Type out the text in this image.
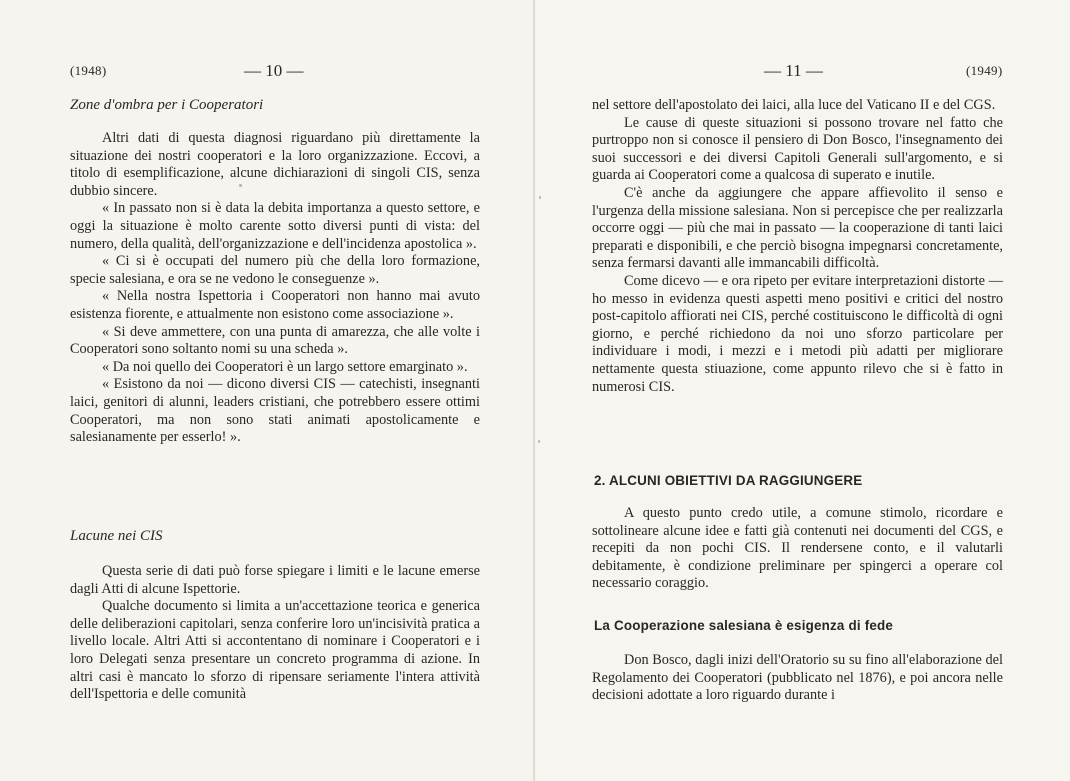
(1948)	— 10 —
Zone d'ombra per i Cooperatori

Altri dati di questa diagnosi riguardano più direttamente la situazione dei nostri cooperatori e la loro organizzazione. Eccovi, a titolo di esemplificazione, alcune dichiarazioni di singoli CIS, senza dubbio sincere.

« In passato non si è data la debita importanza a questo settore, e oggi la situazione è molto carente sotto diversi punti di vista: del numero, della qualità, dell'organizzazione e dell'incidenza apostolica ».

« Ci si è occupati del numero più che della loro formazione, specie salesiana, e ora se ne vedono le conseguenze ».

« Nella nostra Ispettoria i Cooperatori non hanno mai avuto esistenza fiorente, e attualmente non esistono come associazione ».

« Si deve ammettere, con una punta di amarezza, che alle volte i Cooperatori sono soltanto nomi su una scheda ».

« Da noi quello dei Cooperatori è un largo settore emarginato ».

« Esistono da noi — dicono diversi CIS — catechisti, insegnanti laici, genitori di alunni, leaders cristiani, che potrebbero essere ottimi Cooperatori, ma non sono stati animati apostolicamente e salesianamente per esserlo! ».

Lacune nei CIS

Questa serie di dati può forse spiegare i limiti e le lacune emerse dagli Atti di alcune Ispettorie.

Qualche documento si limita a un'accettazione teorica e generica delle deliberazioni capitolari, senza conferire loro un'incisività pratica a livello locale. Altri Atti si accontentano di nominare i Cooperatori e i loro Delegati senza presentare un concreto programma di azione. In altri casi è mancato lo sforzo di ripensare seriamente l'intera attività dell'Ispettoria e delle comunità

— 11 —	(1949)

nel settore dell'apostolato dei laici, alla luce del Vaticano II e del CGS.

Le cause di queste situazioni si possono trovare nel fatto che purtroppo non si conosce il pensiero di Don Bosco, l'insegnamento dei suoi successori e dei diversi Capitoli Generali sull'argomento, e si guarda ai Cooperatori come a qualcosa di superato e inutile.

C'è anche da aggiungere che appare affievolito il senso e l'urgenza della missione salesiana. Non si percepisce che per realizzarla occorre oggi — più che mai in passato — la cooperazione di tanti laici preparati e disponibili, e che perciò bisogna impegnarsi concretamente, senza fermarsi davanti alle immancabili difficoltà.

Come dicevo — e ora ripeto per evitare interpretazioni distorte — ho messo in evidenza questi aspetti meno positivi e critici del nostro post-capitolo affiorati nei CIS, perché costituiscono le difficoltà di ogni giorno, e perché richiedono da noi uno sforzo particolare per individuare i modi, i mezzi e i metodi più adatti per migliorare nettamente questa stiuazione, come appunto rilevo che si è fatto in numerosi CIS.

2. ALCUNI OBIETTIVI DA RAGGIUNGERE

A questo punto credo utile, a comune stimolo, ricordare e sottolineare alcune idee e fatti già contenuti nei documenti del CGS, e recepiti da non pochi CIS. Il rendersene conto, e il valutarli debitamente, è condizione preliminare per spingerci a operare col necessario coraggio.

La Cooperazione salesiana è esigenza di fede

Don Bosco, dagli inizi dell'Oratorio su su fino all'elaborazione del Regolamento dei Cooperatori (pubblicato nel 1876), e poi ancora nelle decisioni adottate a loro riguardo durante i
